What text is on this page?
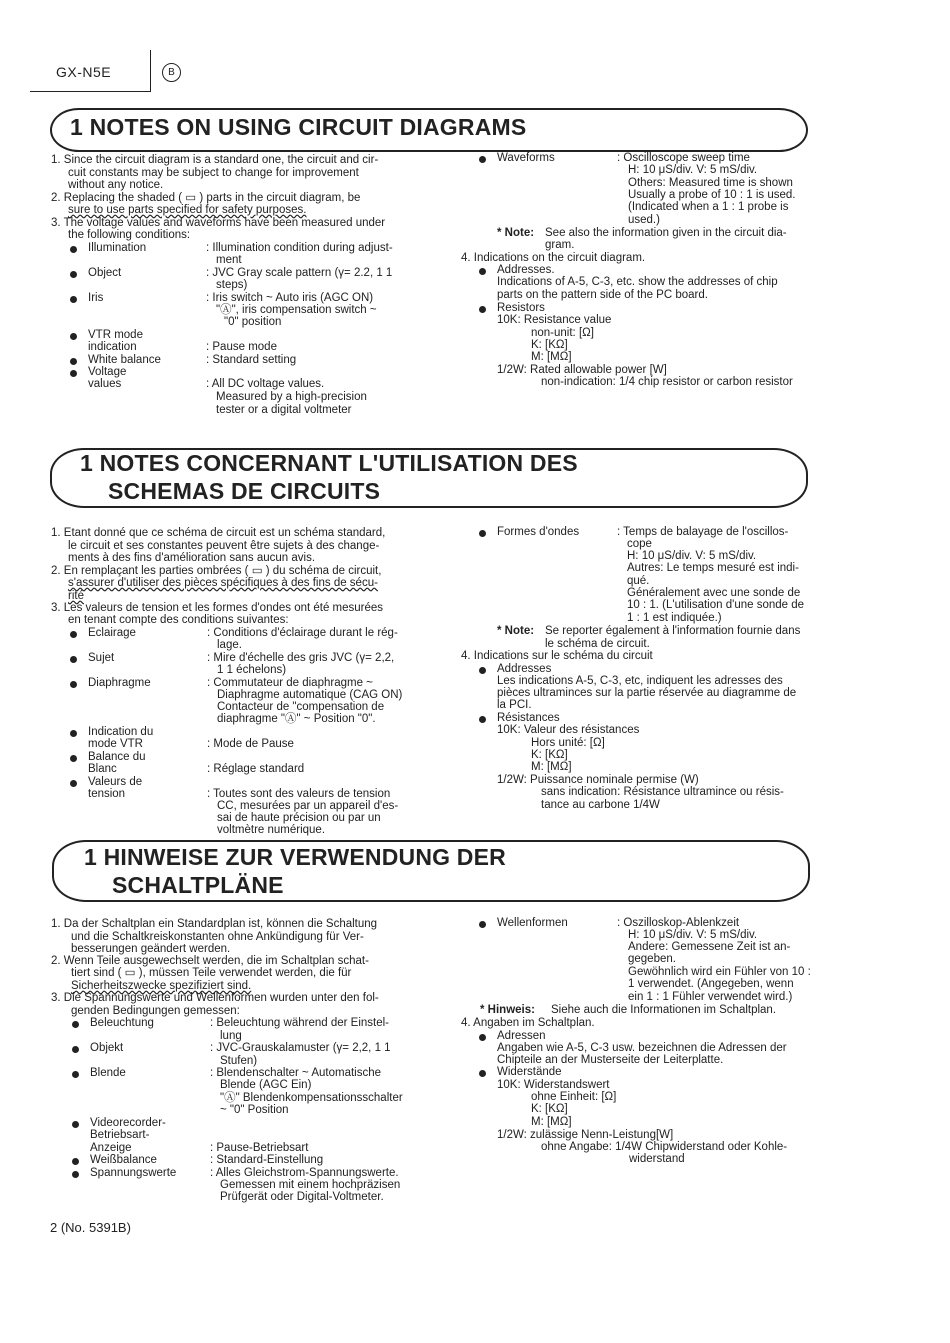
GX-N5E	B
1 NOTES ON USING CIRCUIT DIAGRAMS
1 NOTES CONCERNANT L'UTILISATION DES
SCHEMAS DE CIRCUITS
1 HINWEISE ZUR VERWENDUNG DER
SCHALTPLÄNE
1. Since the circuit diagram is a standard one, the circuit and cir-
cuit constants may be subject to change for improvement
without any notice.
2. Replacing the shaded ( ▭ ) parts in the circuit diagram, be
sure to use parts specified for safety purposes.
3. The voltage values and waveforms have been measured under
the following conditions:
Illumination	: Illumination condition during adjust-
ment
Object	: JVC Gray scale pattern (γ= 2.2, 1 1
steps)
Iris	: Iris switch ~ Auto iris (AGC ON)
"Ⓐ", iris compensation switch ~
"0" position
VTR mode
indication	: Pause mode
White balance	: Standard setting
Voltage
values	: All DC voltage values.
Measured by a high-precision
tester or a digital voltmeter
Waveforms	: Oscilloscope sweep time
H: 10 μS/div. V: 5 mS/div.
Others: Measured time is shown
Usually a probe of 10 : 1 is used.
(Indicated when a 1 : 1 probe is
used.)
* Note: See also the information given in the circuit dia-
gram.
4. Indications on the circuit diagram.
Addresses.
Indications of A-5, C-3, etc. show the addresses of chip
parts on the pattern side of the PC board.
Resistors
10K: Resistance value
non-unit: [Ω]
K: [KΩ]
M: [MΩ]
1/2W: Rated allowable power [W]
non-indication: 1/4 chip resistor or carbon resistor
1. Etant donné que ce schéma de circuit est un schéma standard,
le circuit et ses constantes peuvent être sujets à des change-
ments à des fins d'amélioration sans aucun avis.
2. En remplaçant les parties ombrées ( ▭ ) du schéma de circuit,
s'assurer d'utiliser des pièces spécifiques à des fins de sécu-
rité
3. Les valeurs de tension et les formes d'ondes ont été mesurées
en tenant compte des conditions suivantes:
Eclairage	: Conditions d'éclairage durant le rég-
lage.
Sujet	: Mire d'échelle des gris JVC (γ= 2,2,
1 1 échelons)
Diaphragme	: Commutateur de diaphragme ~
Diaphragme automatique (CAG ON)
Contacteur de "compensation de
diaphragme "Ⓐ" ~ Position "0".
Indication du
mode VTR	: Mode de Pause
Balance du
Blanc	: Réglage standard
Valeurs de
tension	: Toutes sont des valeurs de tension
CC, mesurées par un appareil d'es-
sai de haute précision ou par un
voltmètre numérique.
Formes d'ondes	: Temps de balayage de l'oscillos-
cope
H: 10 μS/div. V: 5 mS/div.
Autres: Le temps mesuré est indi-
qué.
Généralement avec une sonde de
10 : 1. (L'utilisation d'une sonde de
1 : 1 est indiquée.)
* Note: Se reporter également à l'information fournie dans
le schéma de circuit.
4. Indications sur le schéma du circuit
Addresses
Les indications A-5, C-3, etc, indiquent les adresses des
pièces ultraminces sur la partie réservée au diagramme de
la PCI.
Résistances
10K: Valeur des résistances
Hors unité: [Ω]
K: [KΩ]
M: [MΩ]
1/2W: Puissance nominale permise (W)
sans indication: Résistance ultramince ou résis-
tance au carbone 1/4W
1. Da der Schaltplan ein Standardplan ist, können die Schaltung
und die Schaltkreiskonstanten ohne Ankündigung für Ver-
besserungen geändert werden.
2. Wenn Teile ausgewechselt werden, die im Schaltplan schat-
tiert sind ( ▭ ), müssen Teile verwendet werden, die für
Sicherheitszwecke spezifiziert sind.
3. Die Spannungswerte und Wellenformen wurden unter den fol-
genden Bedingungen gemessen:
Beleuchtung	: Beleuchtung während der Einstel-
lung
Objekt	: JVC-Grauskalamuster (γ= 2,2, 1 1
Stufen)
Blende	: Blendenschalter ~ Automatische
Blende (AGC Ein)
"Ⓐ" Blendenkompensationsschalter
~ "0" Position
Videorecorder-
Betriebsart-
Anzeige	: Pause-Betriebsart
Weißbalance	: Standard-Einstellung
Spannungswerte	: Alles Gleichstrom-Spannungswerte.
Gemessen mit einem hochpräzisen
Prüfgerät oder Digital-Voltmeter.
Wellenformen	: Oszilloskop-Ablenkzeit
H: 10 μS/div. V: 5 mS/div.
Andere: Gemessene Zeit ist an-
gegeben.
Gewöhnlich wird ein Fühler von 10 :
1 verwendet. (Angegeben, wenn
ein 1 : 1 Fühler verwendet wird.)
* Hinweis: Siehe auch die Informationen im Schaltplan.
4. Angaben im Schaltplan.
Adressen
Angaben wie A-5, C-3 usw. bezeichnen die Adressen der
Chipteile an der Musterseite der Leiterplatte.
Widerstände
10K: Widerstandswert
ohne Einheit: [Ω]
K: [KΩ]
M: [MΩ]
1/2W: zulässige Nenn-Leistung[W]
ohne Angabe: 1/4W Chipwiderstand oder Kohle-
widerstand
2 (No. 5391B)
